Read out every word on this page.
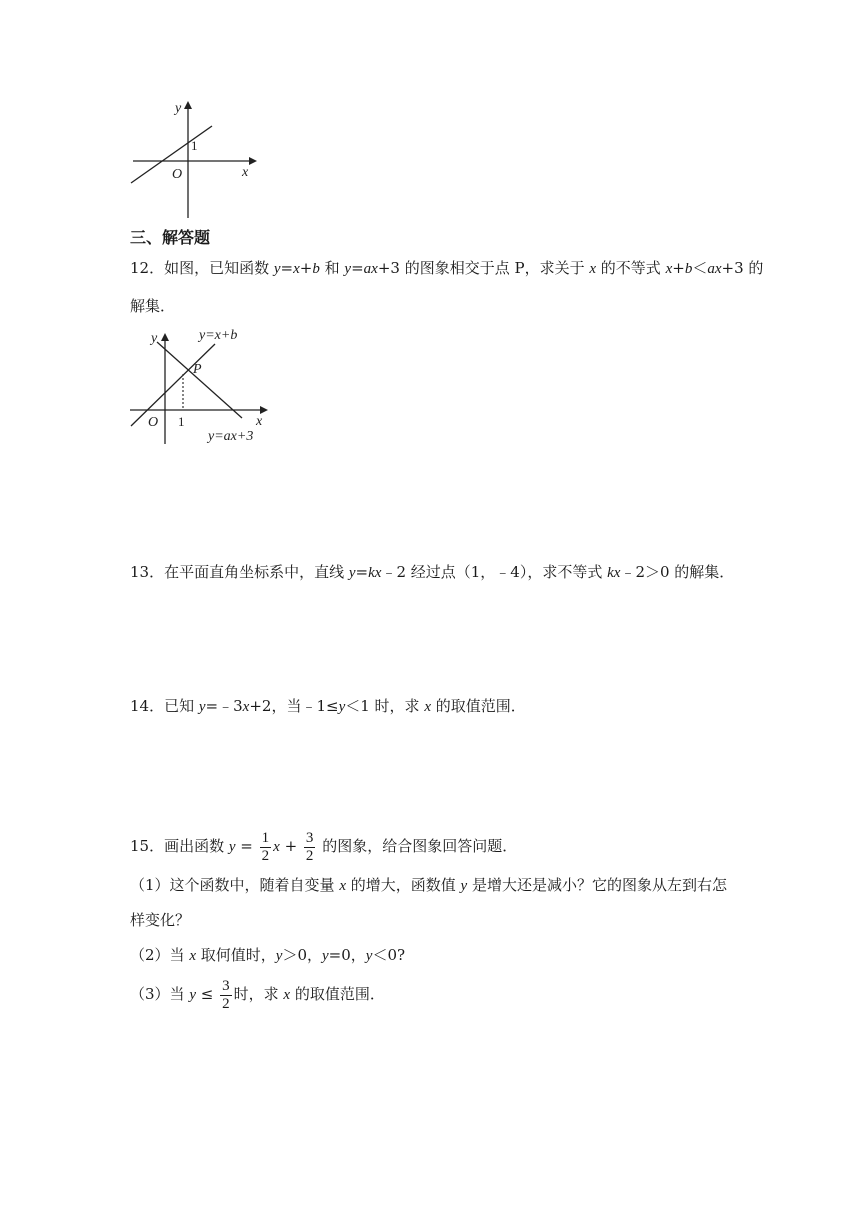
y
x
O
1
三、解答题
12．如图，已知函数 y=x+b 和 y=ax+3 的图象相交于点 P，求关于 x 的不等式 x+b＜ax+3 的
解集．
y
x
O 1
P
y=x+b
y=ax+3
13．在平面直角坐标系中，直线 y=kx﹣2 经过点（1，﹣4），求不等式 kx﹣2＞0 的解集．
14．已知 y=﹣3x+2，当﹣1≤y＜1 时，求 x 的取值范围．
15．画出函数 $y = \frac{1}{2}$ $x + \frac{3}{2}$ 的图象，给合图象回答问题．
（1）这个函数中，随着自变量 x 的增大，函数值 y 是增大还是减小？它的图象从左到右怎
样变化？
（2）当 x 取何值时，y＞0，y=0，y＜0?
（3）当 $y \le \frac{3}{2}$ 时，求 x 的取值范围．
